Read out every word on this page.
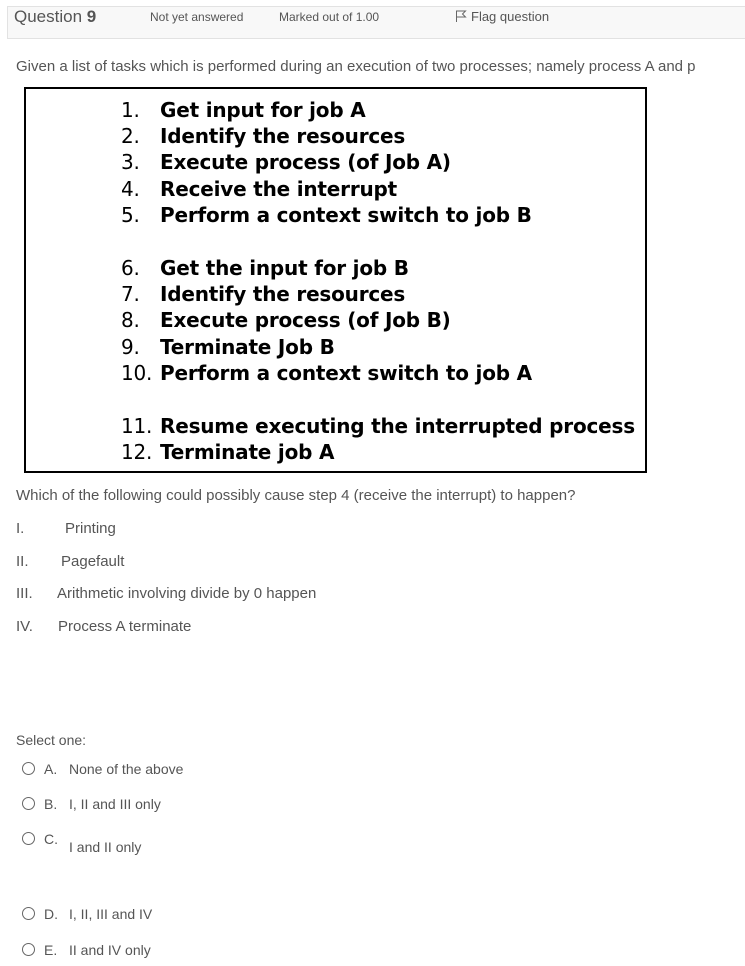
Question 9	Not yet answered	Marked out of 1.00	Flag question
Given a list of tasks which is performed during an execution of two processes; namely process A and p
1. Get input for job A
2. Identify the resources
3. Execute process (of Job A)
4. Receive the interrupt
5. Perform a context switch to job B
6. Get the input for job B
7. Identify the resources
8. Execute process (of Job B)
9. Terminate Job B
10. Perform a context switch to job A
11. Resume executing the interrupted process
12. Terminate job A
Which of the following could possibly cause step 4 (receive the interrupt) to happen?
I.	Printing
II. Pagefault
III. Arithmetic involving divide by 0 happen
IV. Process A terminate
Select one:
A. None of the above
B. I, II and III only
C. I and II only
D. I, II, III and IV
E. II and IV only
